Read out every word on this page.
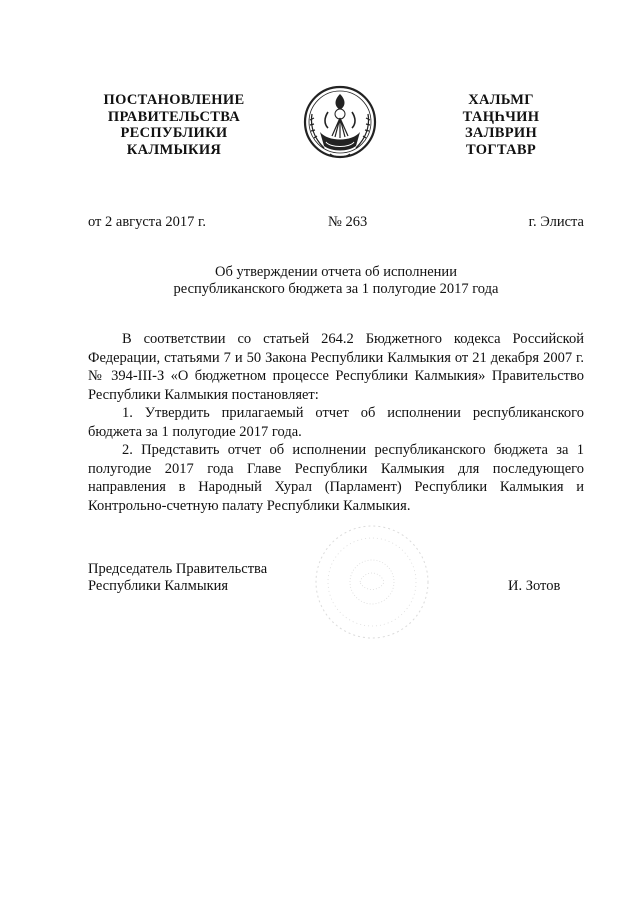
ПОСТАНОВЛЕНИЕ
ПРАВИТЕЛЬСТВА
РЕСПУБЛИКИ
КАЛМЫКИЯ
ХАЛЬМГ
ТАҢҺЧИН
ЗАЛВРИН
ТОГТАВР
от 2 августа 2017 г.	№ 263	г. Элиста
Об утверждении отчета об исполнении
республиканского бюджета за 1 полугодие 2017 года

В соответствии со статьей 264.2 Бюджетного кодекса Российской Федерации, статьями 7 и 50 Закона Республики Калмыкия от 21 декабря 2007 г. № 394-III-З «О бюджетном процессе Республики Калмыкия» Правительство Республики Калмыкия постановляет:

1. Утвердить прилагаемый отчет об исполнении республиканского бюджета за 1 полугодие 2017 года.

2. Представить отчет об исполнении республиканского бюджета за 1 полугодие 2017 года Главе Республики Калмыкия для последующего направления в Народный Хурал (Парламент) Республики Калмыкия и Контрольно-счетную палату Республики Калмыкия.

Председатель Правительства
Республики Калмыкия	И. Зотов
